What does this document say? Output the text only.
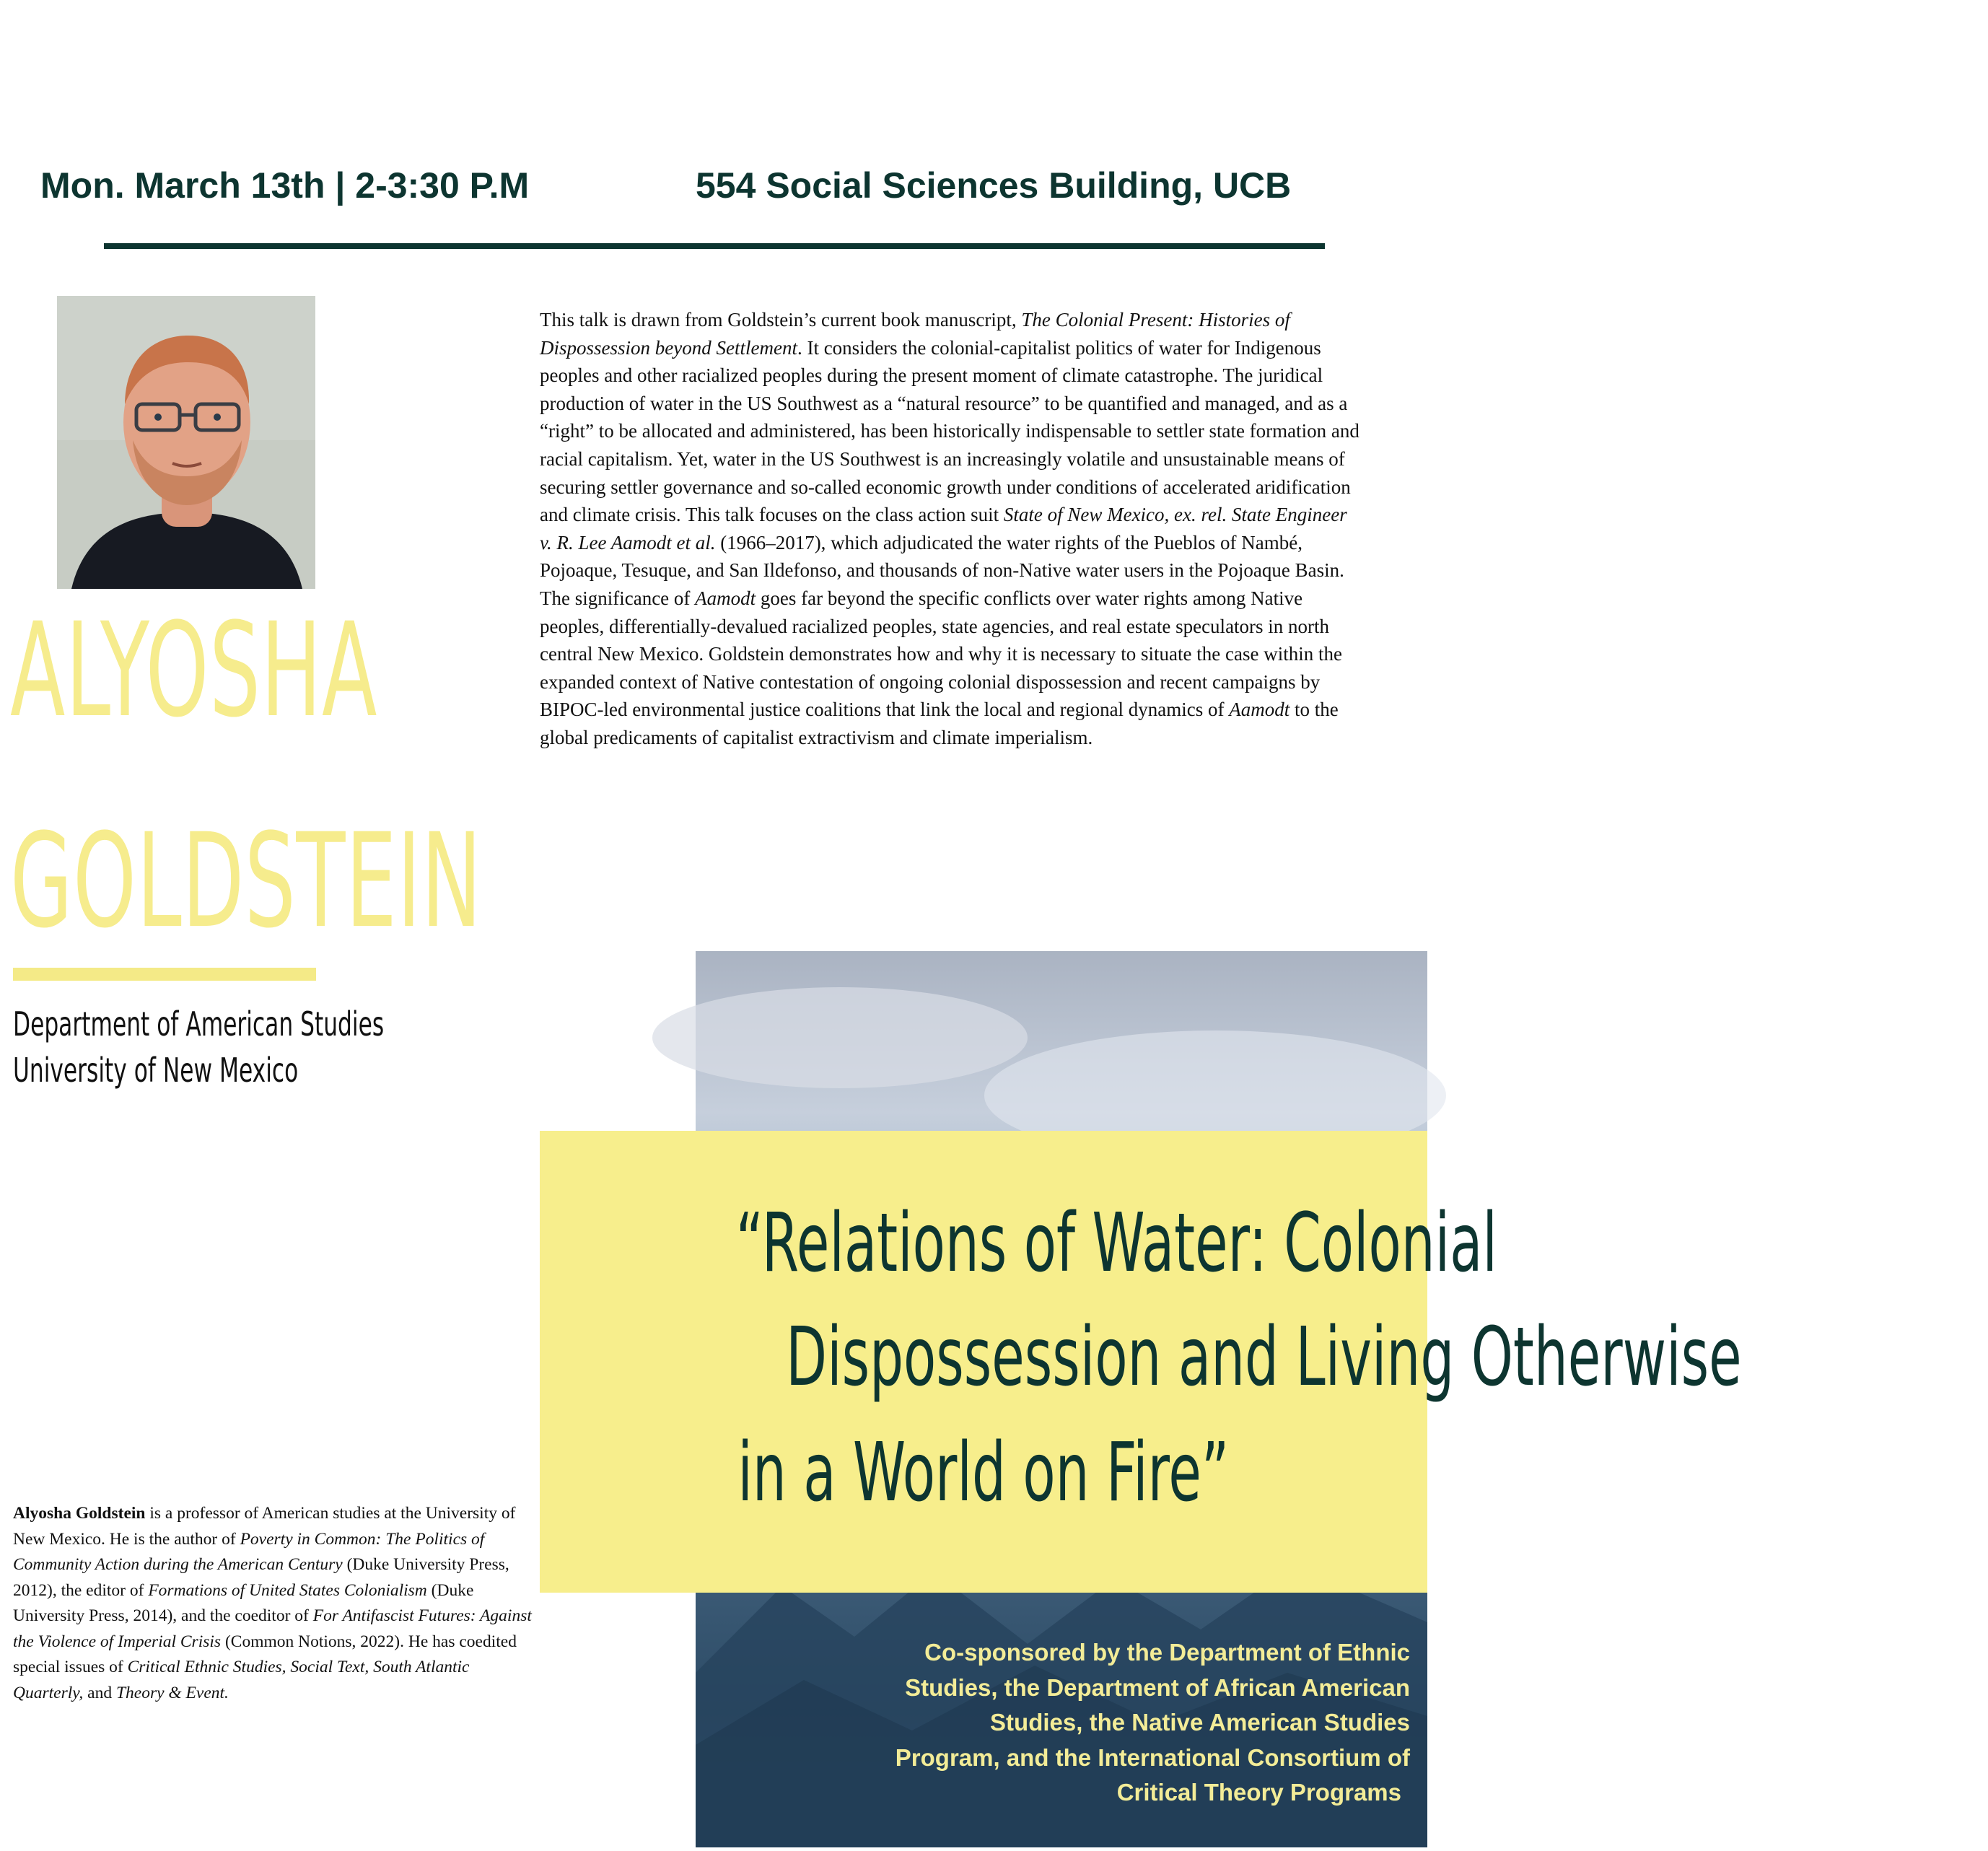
Mon. March 13th | 2-3:30 P.M	554 Social Sciences Building, UCB
ALYOSHA
GOLDSTEIN
Department of American Studies
University of New Mexico

This talk is drawn from Goldstein’s current book manuscript, The Colonial Present: Histories of Dispossession beyond Settlement. It considers the colonial-capitalist politics of water for Indigenous peoples and other racialized peoples during the present moment of climate catastrophe. The juridical production of water in the US Southwest as a “natural resource” to be quantified and managed, and as a “right” to be allocated and administered, has been historically indispensable to settler state formation and racial capitalism. Yet, water in the US Southwest is an increasingly volatile and unsustainable means of securing settler governance and so-called economic growth under conditions of accelerated aridification and climate crisis. This talk focuses on the class action suit State of New Mexico, ex. rel. State Engineer v. R. Lee Aamodt et al. (1966–2017), which adjudicated the water rights of the Pueblos of Nambé, Pojoaque, Tesuque, and San Ildefonso, and thousands of non-Native water users in the Pojoaque Basin. The significance of Aamodt goes far beyond the specific conflicts over water rights among Native peoples, differentially-devalued racialized peoples, state agencies, and real estate speculators in north central New Mexico. Goldstein demonstrates how and why it is necessary to situate the case within the expanded context of Native contestation of ongoing colonial dispossession and recent campaigns by BIPOC-led environmental justice coalitions that link the local and regional dynamics of Aamodt to the global predicaments of capitalist extractivism and climate imperialism.

“Relations of Water: Colonial
Dispossession and Living Otherwise
in a World on Fire”

Co-sponsored by the Department of Ethnic
Studies, the Department of African American
Studies, the Native American Studies
Program, and the International Consortium of
Critical Theory Programs

Alyosha Goldstein is a professor of American studies at the University of New Mexico. He is the author of Poverty in Common: The Politics of Community Action during the American Century (Duke University Press, 2012), the editor of Formations of United States Colonialism (Duke University Press, 2014), and the coeditor of For Antifascist Futures: Against the Violence of Imperial Crisis (Common Notions, 2022). He has coedited special issues of Critical Ethnic Studies, Social Text, South Atlantic Quarterly, and Theory & Event.
